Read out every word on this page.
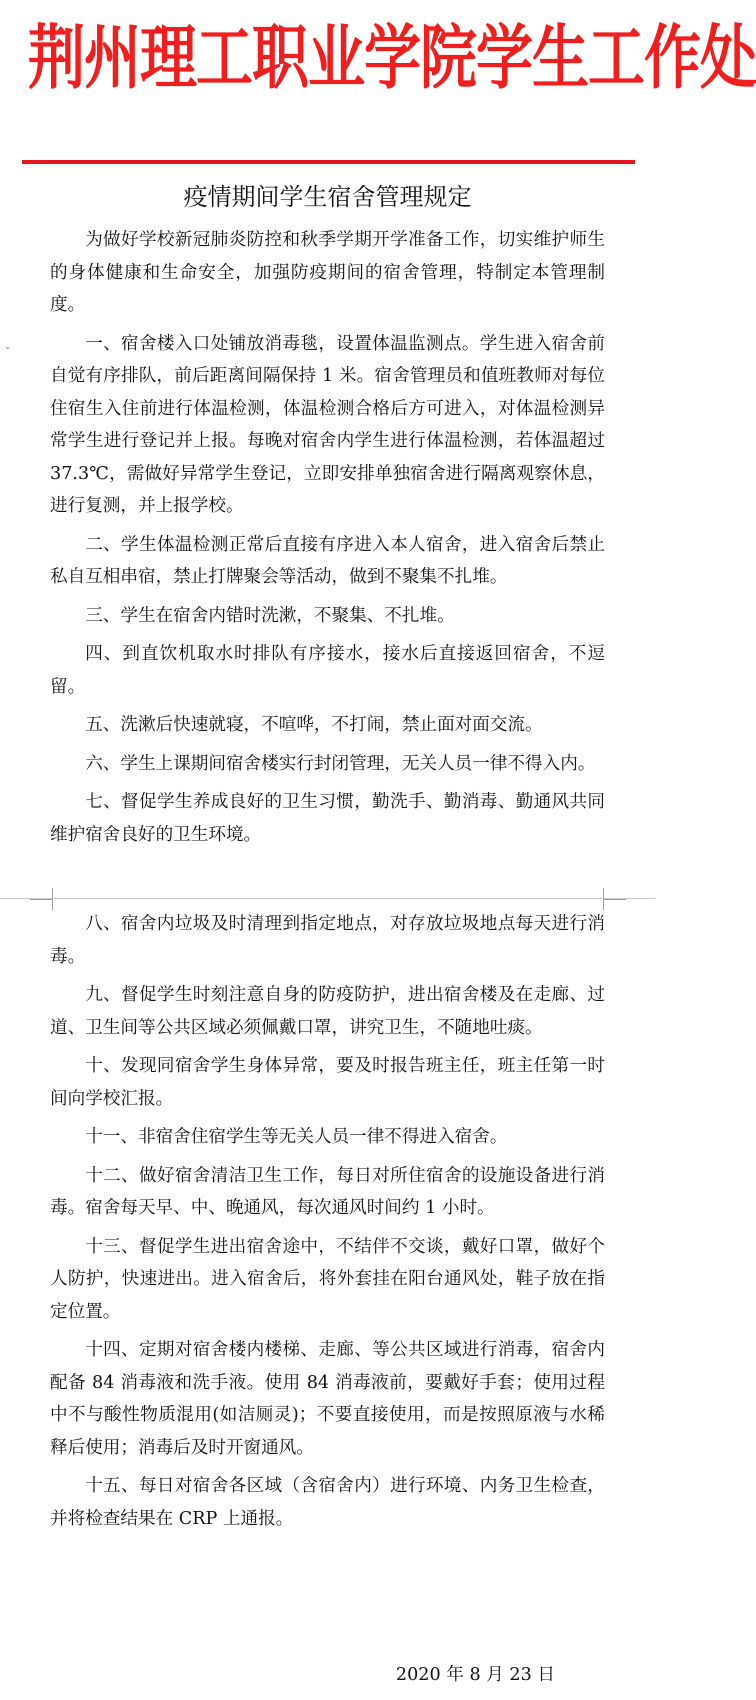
荆州理工职业学院学生工作处
⌄
疫情期间学生宿舍管理规定

为做好学校新冠肺炎防控和秋季学期开学准备工作，切实维护师生的身体健康和生命安全，加强防疫期间的宿舍管理，特制定本管理制度。

一、宿舍楼入口处铺放消毒毯，设置体温监测点。学生进入宿舍前自觉有序排队，前后距离间隔保持 1 米。宿舍管理员和值班教师对每位住宿生入住前进行体温检测，体温检测合格后方可进入，对体温检测异常学生进行登记并上报。每晚对宿舍内学生进行体温检测，若体温超过 37.3℃，需做好异常学生登记，立即安排单独宿舍进行隔离观察休息，进行复测，并上报学校。

二、学生体温检测正常后直接有序进入本人宿舍，进入宿舍后禁止私自互相串宿，禁止打牌聚会等活动，做到不聚集不扎堆。

三、学生在宿舍内错时洗漱，不聚集、不扎堆。

四、到直饮机取水时排队有序接水，接水后直接返回宿舍，不逗留。

五、洗漱后快速就寝，不喧哗，不打闹，禁止面对面交流。

六、学生上课期间宿舍楼实行封闭管理，无关人员一律不得入内。

七、督促学生养成良好的卫生习惯，勤洗手、勤消毒、勤通风共同维护宿舍良好的卫生环境。

八、宿舍内垃圾及时清理到指定地点，对存放垃圾地点每天进行消毒。

九、督促学生时刻注意自身的防疫防护，进出宿舍楼及在走廊、过道、卫生间等公共区域必须佩戴口罩，讲究卫生，不随地吐痰。

十、发现同宿舍学生身体异常，要及时报告班主任，班主任第一时间向学校汇报。

十一、非宿舍住宿学生等无关人员一律不得进入宿舍。

十二、做好宿舍清洁卫生工作，每日对所住宿舍的设施设备进行消毒。宿舍每天早、中、晚通风，每次通风时间约 1 小时。

十三、督促学生进出宿舍途中，不结伴不交谈，戴好口罩，做好个人防护，快速进出。进入宿舍后，将外套挂在阳台通风处，鞋子放在指定位置。

十四、定期对宿舍楼内楼梯、走廊、等公共区域进行消毒，宿舍内配备 84 消毒液和洗手液。使用 84 消毒液前，要戴好手套；使用过程中不与酸性物质混用(如洁厕灵)；不要直接使用，而是按照原液与水稀释后使用；消毒后及时开窗通风。

十五、每日对宿舍各区域（含宿舍内）进行环境、内务卫生检查，并将检查结果在 CRP 上通报。

2020 年 8 月 23 日
